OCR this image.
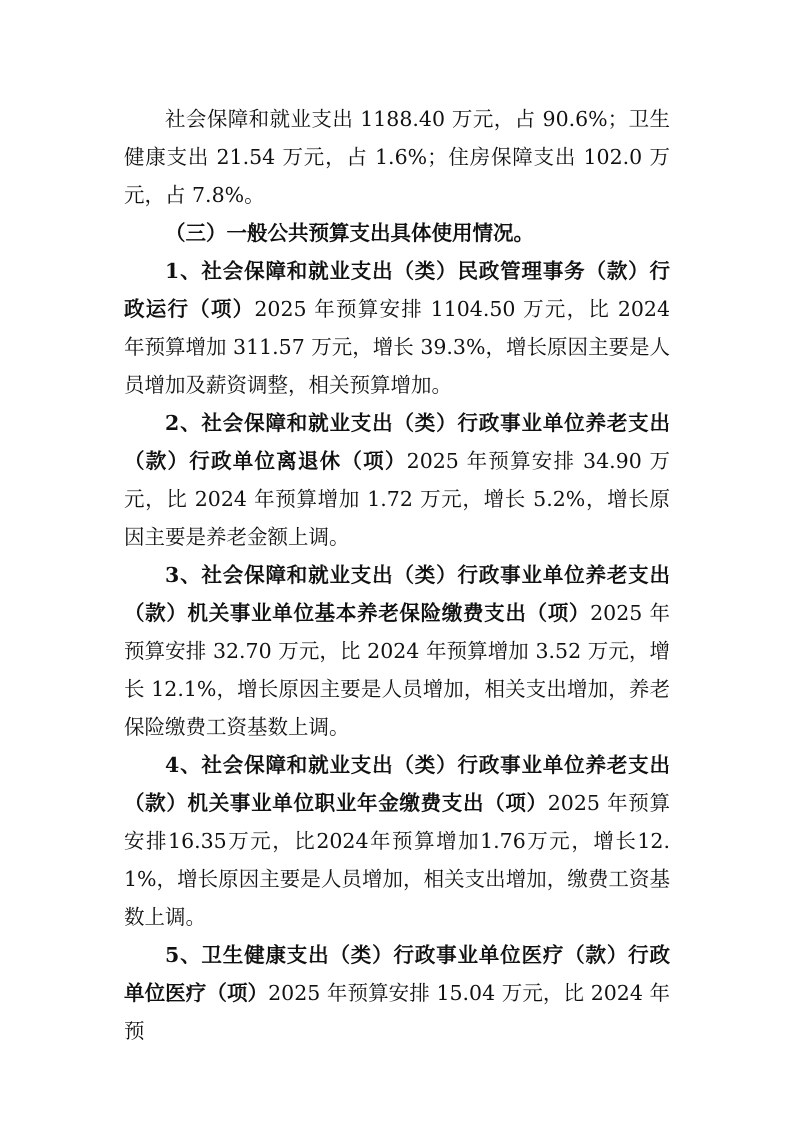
社会保障和就业支出 1188.40 万元，占 90.6%；卫生健康支出 21.54 万元，占 1.6%；住房保障支出 102.0 万元，占 7.8%。

（三）一般公共预算支出具体使用情况。

1、社会保障和就业支出（类）民政管理事务（款）行政运行（项）2025 年预算安排 1104.50 万元，比 2024 年预算增加 311.57 万元，增长 39.3%，增长原因主要是人员增加及薪资调整，相关预算增加。

2、社会保障和就业支出（类）行政事业单位养老支出（款）行政单位离退休（项）2025 年预算安排 34.90 万元，比 2024 年预算增加 1.72 万元，增长 5.2%，增长原因主要是养老金额上调。

3、社会保障和就业支出（类）行政事业单位养老支出（款）机关事业单位基本养老保险缴费支出（项）2025 年预算安排 32.70 万元，比 2024 年预算增加 3.52 万元，增长 12.1%，增长原因主要是人员增加，相关支出增加，养老保险缴费工资基数上调。

4、社会保障和就业支出（类）行政事业单位养老支出（款）机关事业单位职业年金缴费支出（项）2025 年预算安排16.35万元，比2024年预算增加1.76万元，增长12.1%，增长原因主要是人员增加，相关支出增加，缴费工资基数上调。

5、卫生健康支出（类）行政事业单位医疗（款）行政单位医疗（项）2025 年预算安排 15.04 万元，比 2024 年预
